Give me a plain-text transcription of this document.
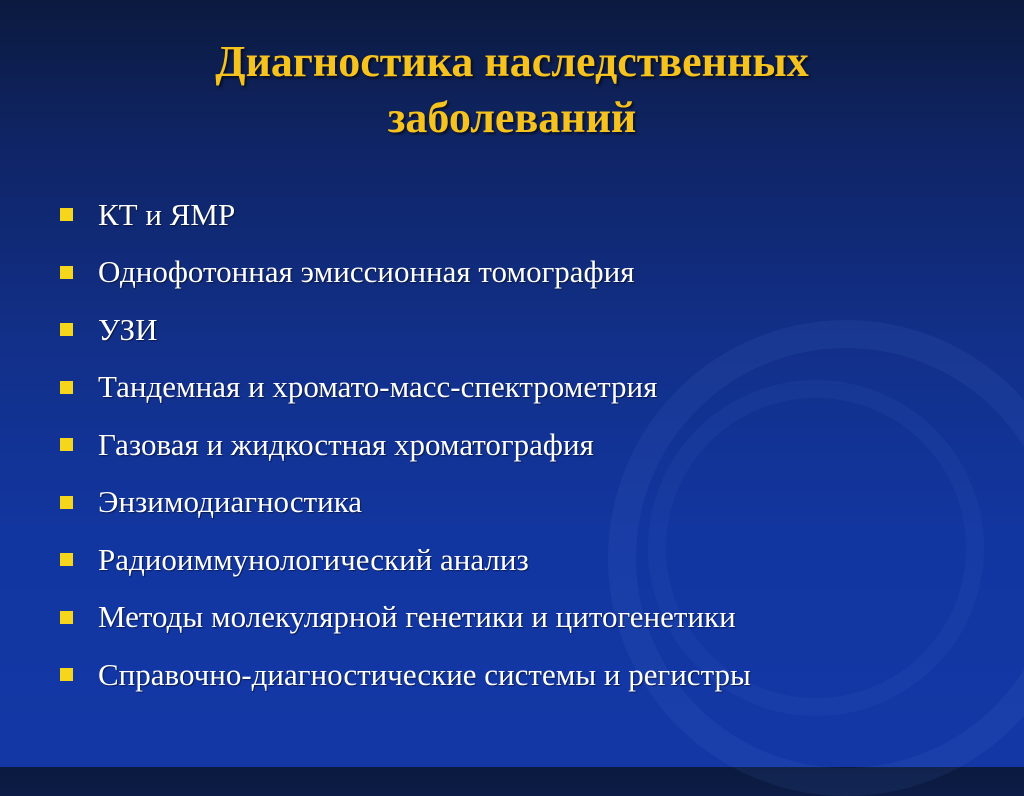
Диагностика наследственных
заболеваний
КТ и ЯМР
Однофотонная эмиссионная томография
УЗИ
Тандемная и хромато-масс-спектрометрия
Газовая и жидкостная хроматография
Энзимодиагностика
Радиоиммунологический анализ
Методы молекулярной генетики и цитогенетики
Справочно-диагностические системы и регистры
